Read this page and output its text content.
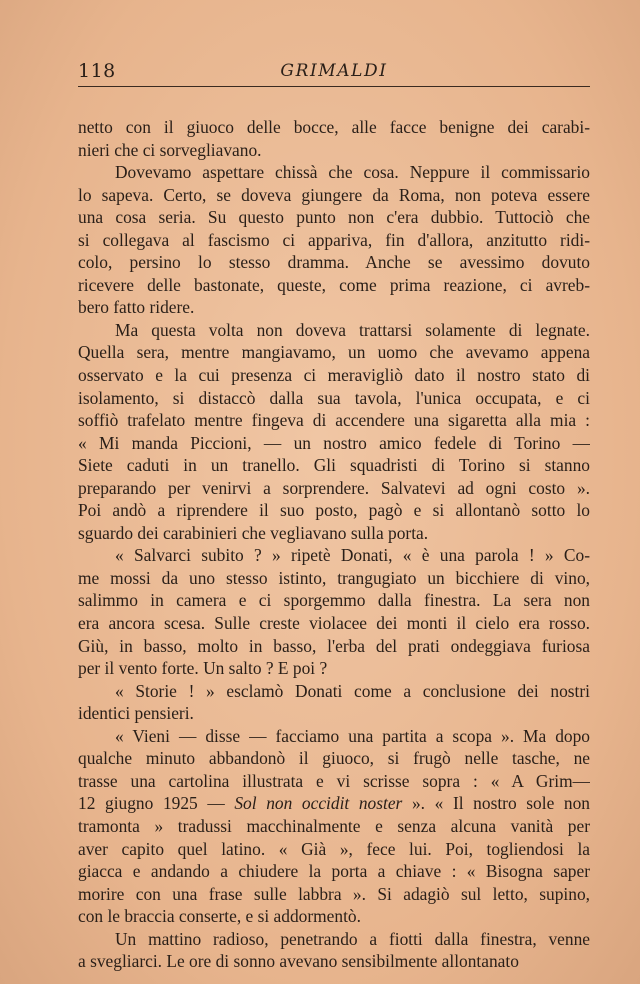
118	GRIMALDI
netto con il giuoco delle bocce, alle facce benigne dei carabi-
nieri che ci sorvegliavano.
Dovevamo aspettare chissà che cosa. Neppure il commissario
lo sapeva. Certo, se doveva giungere da Roma, non poteva essere
una cosa seria. Su questo punto non c'era dubbio. Tuttociò che
si collegava al fascismo ci appariva, fin d'allora, anzitutto ridi-
colo, persino lo stesso dramma. Anche se avessimo dovuto
ricevere delle bastonate, queste, come prima reazione, ci avreb-
bero fatto ridere.
Ma questa volta non doveva trattarsi solamente di legnate.
Quella sera, mentre mangiavamo, un uomo che avevamo appena
osservato e la cui presenza ci meravigliò dato il nostro stato di
isolamento, si distaccò dalla sua tavola, l'unica occupata, e ci
soffiò trafelato mentre fingeva di accendere una sigaretta alla mia :
« Mi manda Piccioni, — un nostro amico fedele di Torino —
Siete caduti in un tranello. Gli squadristi di Torino si stanno
preparando per venirvi a sorprendere. Salvatevi ad ogni costo ».
Poi andò a riprendere il suo posto, pagò e si allontanò sotto lo
sguardo dei carabinieri che vegliavano sulla porta.
« Salvarci subito ? » ripetè Donati, « è una parola ! » Co-
me mossi da uno stesso istinto, trangugiato un bicchiere di vino,
salimmo in camera e ci sporgemmo dalla finestra. La sera non
era ancora scesa. Sulle creste violacee dei monti il cielo era rosso.
Giù, in basso, molto in basso, l'erba del prati ondeggiava furiosa
per il vento forte. Un salto ? E poi ?
« Storie ! » esclamò Donati come a conclusione dei nostri
identici pensieri.
« Vieni — disse — facciamo una partita a scopa ». Ma dopo
qualche minuto abbandonò il giuoco, si frugò nelle tasche, ne
trasse una cartolina illustrata e vi scrisse sopra : « A Grim—
12 giugno 1925 — Sol non occidit noster ». « Il nostro sole non
tramonta » tradussi macchinalmente e senza alcuna vanità per
aver capito quel latino. « Già », fece lui. Poi, togliendosi la
giacca e andando a chiudere la porta a chiave : « Bisogna saper
morire con una frase sulle labbra ». Si adagiò sul letto, supino,
con le braccia conserte, e si addormentò.
Un mattino radioso, penetrando a fiotti dalla finestra, venne
a svegliarci. Le ore di sonno avevano sensibilmente allontanato
